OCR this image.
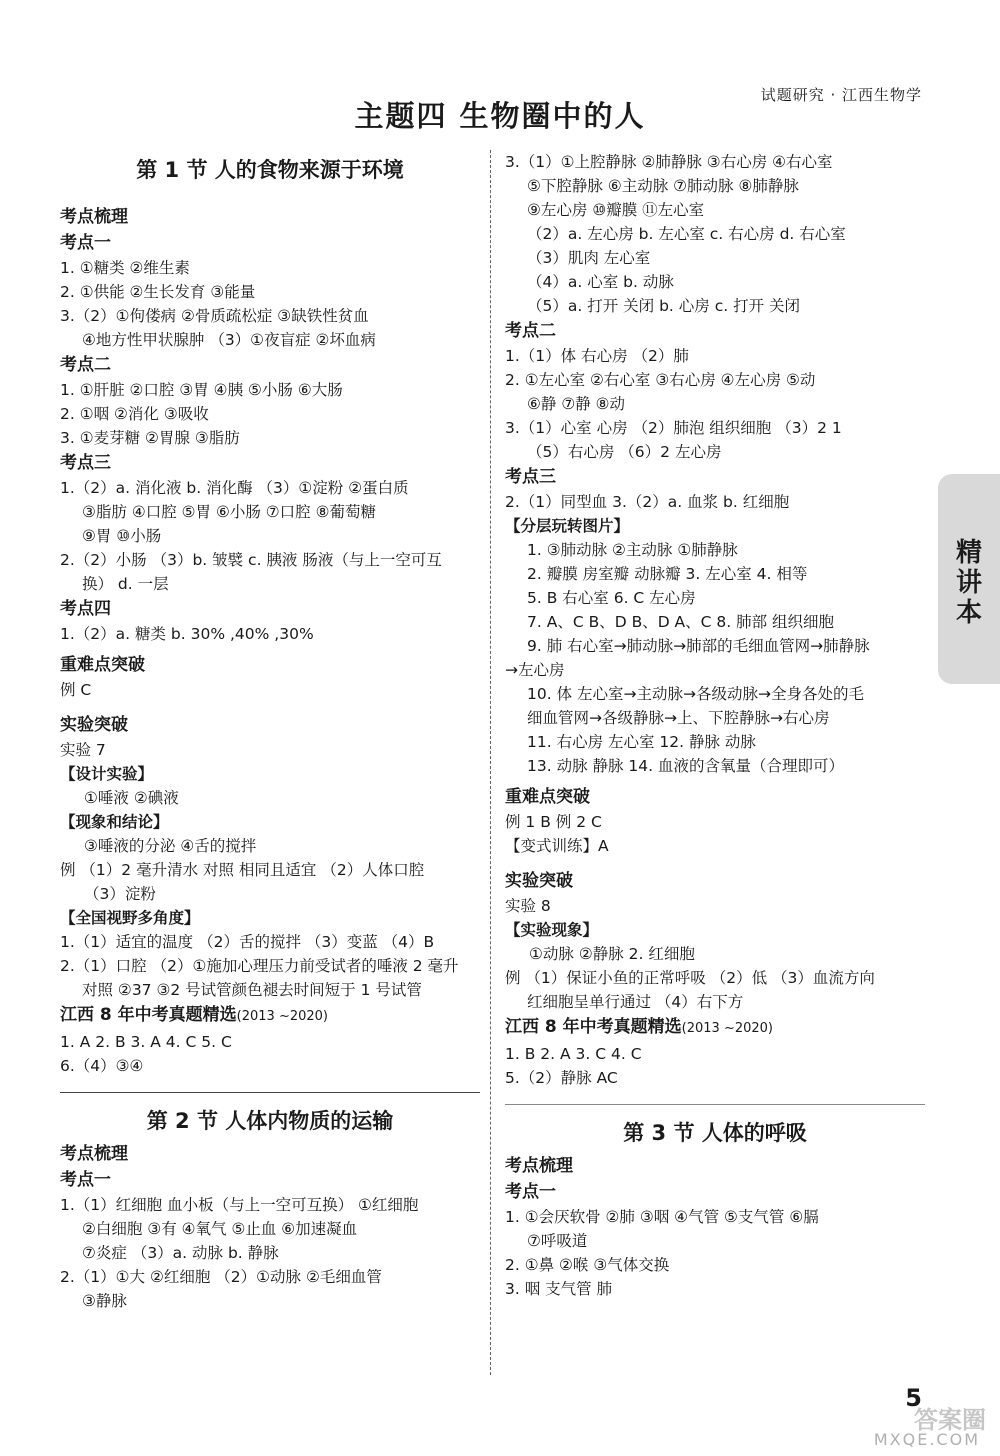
试题研究 · 江西生物学
主题四 生物圈中的人
第 1 节 人的食物来源于环境
考点梳理
考点一
1. ①糖类 ②维生素
2. ①供能 ②生长发育 ③能量
3.（2）①佝偻病 ②骨质疏松症 ③缺铁性贫血
④地方性甲状腺肿 （3）①夜盲症 ②坏血病
考点二
1. ①肝脏 ②口腔 ③胃 ④胰 ⑤小肠 ⑥大肠
2. ①咽 ②消化 ③吸收
3. ①麦芽糖 ②胃腺 ③脂肪
考点三
1.（2）a. 消化液 b. 消化酶 （3）①淀粉 ②蛋白质
③脂肪 ④口腔 ⑤胃 ⑥小肠 ⑦口腔 ⑧葡萄糖
⑨胃 ⑩小肠
2.（2）小肠 （3）b. 皱襞 c. 胰液 肠液（与上一空可互
换） d. 一层
考点四
1.（2）a. 糖类 b. 30% ,40% ,30%
重难点突破
例 C
实验突破
实验 7
【设计实验】
①唾液 ②碘液
【现象和结论】
③唾液的分泌 ④舌的搅拌
例 （1）2 毫升清水 对照 相同且适宜 （2）人体口腔
（3）淀粉
【全国视野多角度】
1.（1）适宜的温度 （2）舌的搅拌 （3）变蓝 （4）B
2.（1）口腔 （2）①施加心理压力前受试者的唾液 2 毫升
对照 ②37 ③2 号试管颜色褪去时间短于 1 号试管
江西 8 年中考真题精选(2013 ~2020)
1. A 2. B 3. A 4. C 5. C
6.（4）③④
第 2 节 人体内物质的运输
考点梳理
考点一
1.（1）红细胞 血小板（与上一空可互换） ①红细胞
②白细胞 ③有 ④氧气 ⑤止血 ⑥加速凝血
⑦炎症 （3）a. 动脉 b. 静脉
2.（1）①大 ②红细胞 （2）①动脉 ②毛细血管
③静脉
3.（1）①上腔静脉 ②肺静脉 ③右心房 ④右心室
⑤下腔静脉 ⑥主动脉 ⑦肺动脉 ⑧肺静脉
⑨左心房 ⑩瓣膜 ⑪左心室
（2）a. 左心房 b. 左心室 c. 右心房 d. 右心室
（3）肌肉 左心室
（4）a. 心室 b. 动脉
（5）a. 打开 关闭 b. 心房 c. 打开 关闭
考点二
1.（1）体 右心房 （2）肺
2. ①左心室 ②右心室 ③右心房 ④左心房 ⑤动
⑥静 ⑦静 ⑧动
3.（1）心室 心房 （2）肺泡 组织细胞 （3）2 1
（5）右心房 （6）2 左心房
考点三
2.（1）同型血 3.（2）a. 血浆 b. 红细胞
【分层玩转图片】
1. ③肺动脉 ②主动脉 ①肺静脉
2. 瓣膜 房室瓣 动脉瓣 3. 左心室 4. 相等
5. B 右心室 6. C 左心房
7. A、C B、D B、D A、C 8. 肺部 组织细胞
9. 肺 右心室→肺动脉→肺部的毛细血管网→肺静脉
→左心房
10. 体 左心室→主动脉→各级动脉→全身各处的毛
细血管网→各级静脉→上、下腔静脉→右心房
11. 右心房 左心室 12. 静脉 动脉
13. 动脉 静脉 14. 血液的含氧量（合理即可）
重难点突破
例 1 B 例 2 C
【变式训练】A
实验突破
实验 8
【实验现象】
①动脉 ②静脉 2. 红细胞
例 （1）保证小鱼的正常呼吸 （2）低 （3）血流方向
红细胞呈单行通过 （4）右下方
江西 8 年中考真题精选(2013 ~2020)
1. B 2. A 3. C 4. C
5.（2）静脉 AC
第 3 节 人体的呼吸
考点梳理
考点一
1. ①会厌软骨 ②肺 ③咽 ④气管 ⑤支气管 ⑥膈
⑦呼吸道
2. ①鼻 ②喉 ③气体交换
3. 咽 支气管 肺
精讲本
5
答案圈
MXQE.COM
